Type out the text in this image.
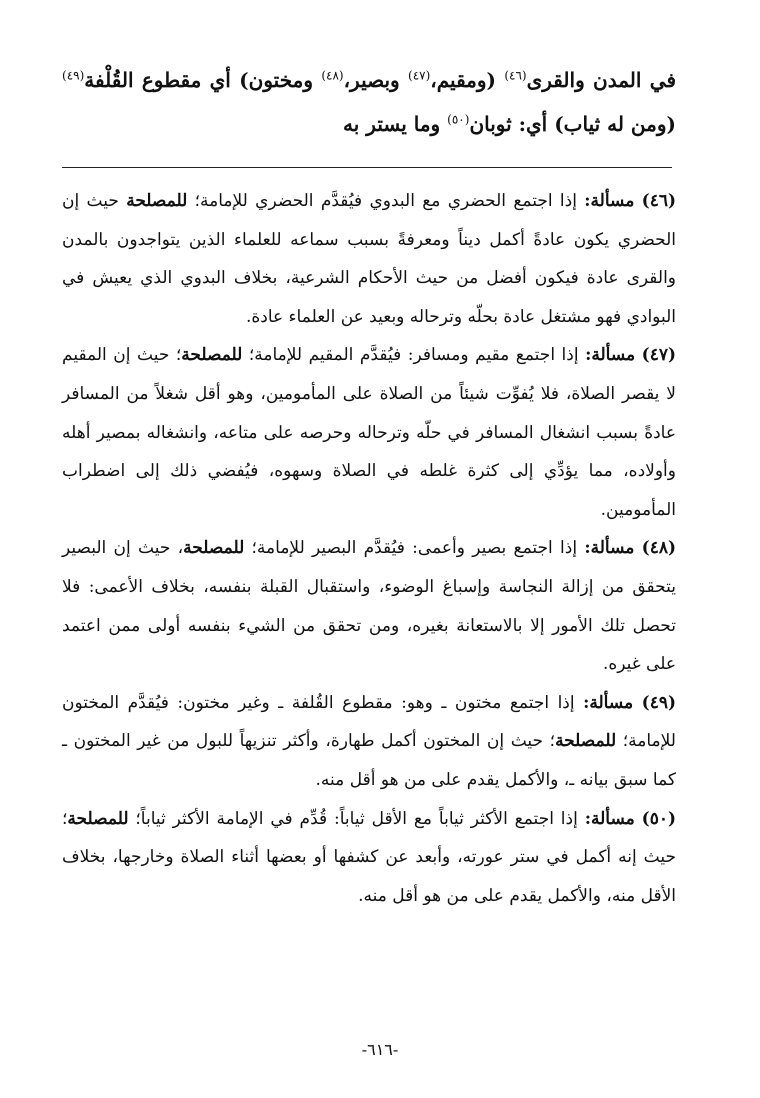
في المدن والقرى$^{(٤٦)}$ (ومقيم،$^{(٤٧)}$ وبصير،$^{(٤٨)}$ ومختون) أي مقطوع القُلْفة$^{(٤٩)}$ (ومن له ثياب) أي: ثوبان$^{(٥٠)}$ وما يستر به

(٤٦) مسألة: إذا اجتمع الحضري مع البدوي فيُقدَّم الحضري للإمامة؛ للمصلحة حيث إن الحضري يكون عادةً أكمل ديناً ومعرفةً بسبب سماعه للعلماء الذين يتواجدون بالمدن والقرى عادة فيكون أفضل من حيث الأحكام الشرعية، بخلاف البدوي الذي يعيش في البوادي فهو مشتغل عادة بحلّه وترحاله وبعيد عن العلماء عادة.

(٤٧) مسألة: إذا اجتمع مقيم ومسافر: فيُقدَّم المقيم للإمامة؛ للمصلحة؛ حيث إن المقيم لا يقصر الصلاة، فلا يُفوِّت شيئاً من الصلاة على المأمومين، وهو أقل شغلاً من المسافر عادةً بسبب انشغال المسافر في حلّه وترحاله وحرصه على متاعه، وانشغاله بمصير أهله وأولاده، مما يؤدِّي إلى كثرة غلطه في الصلاة وسهوه، فيُفضي ذلك إلى اضطراب المأمومين.

(٤٨) مسألة: إذا اجتمع بصير وأعمى: فيُقدَّم البصير للإمامة؛ للمصلحة، حيث إن البصير يتحقق من إزالة النجاسة وإسباغ الوضوء، واستقبال القبلة بنفسه، بخلاف الأعمى: فلا تحصل تلك الأمور إلا بالاستعانة بغيره، ومن تحقق من الشيء بنفسه أولى ممن اعتمد على غيره.

(٤٩) مسألة: إذا اجتمع مختون ـ وهو: مقطوع القُلفة ـ وغير مختون: فيُقدَّم المختون للإمامة؛ للمصلحة؛ حيث إن المختون أكمل طهارة، وأكثر تنزيهاً للبول من غير المختون ـ كما سبق بيانه ـ، والأكمل يقدم على من هو أقل منه.

(٥٠) مسألة: إذا اجتمع الأكثر ثياباً مع الأقل ثياباً: قُدِّم في الإمامة الأكثر ثياباً؛ للمصلحة؛ حيث إنه أكمل في ستر عورته، وأبعد عن كشفها أو بعضها أثناء الصلاة وخارجها، بخلاف الأقل منه، والأكمل يقدم على من هو أقل منه.

-٦١٦-
